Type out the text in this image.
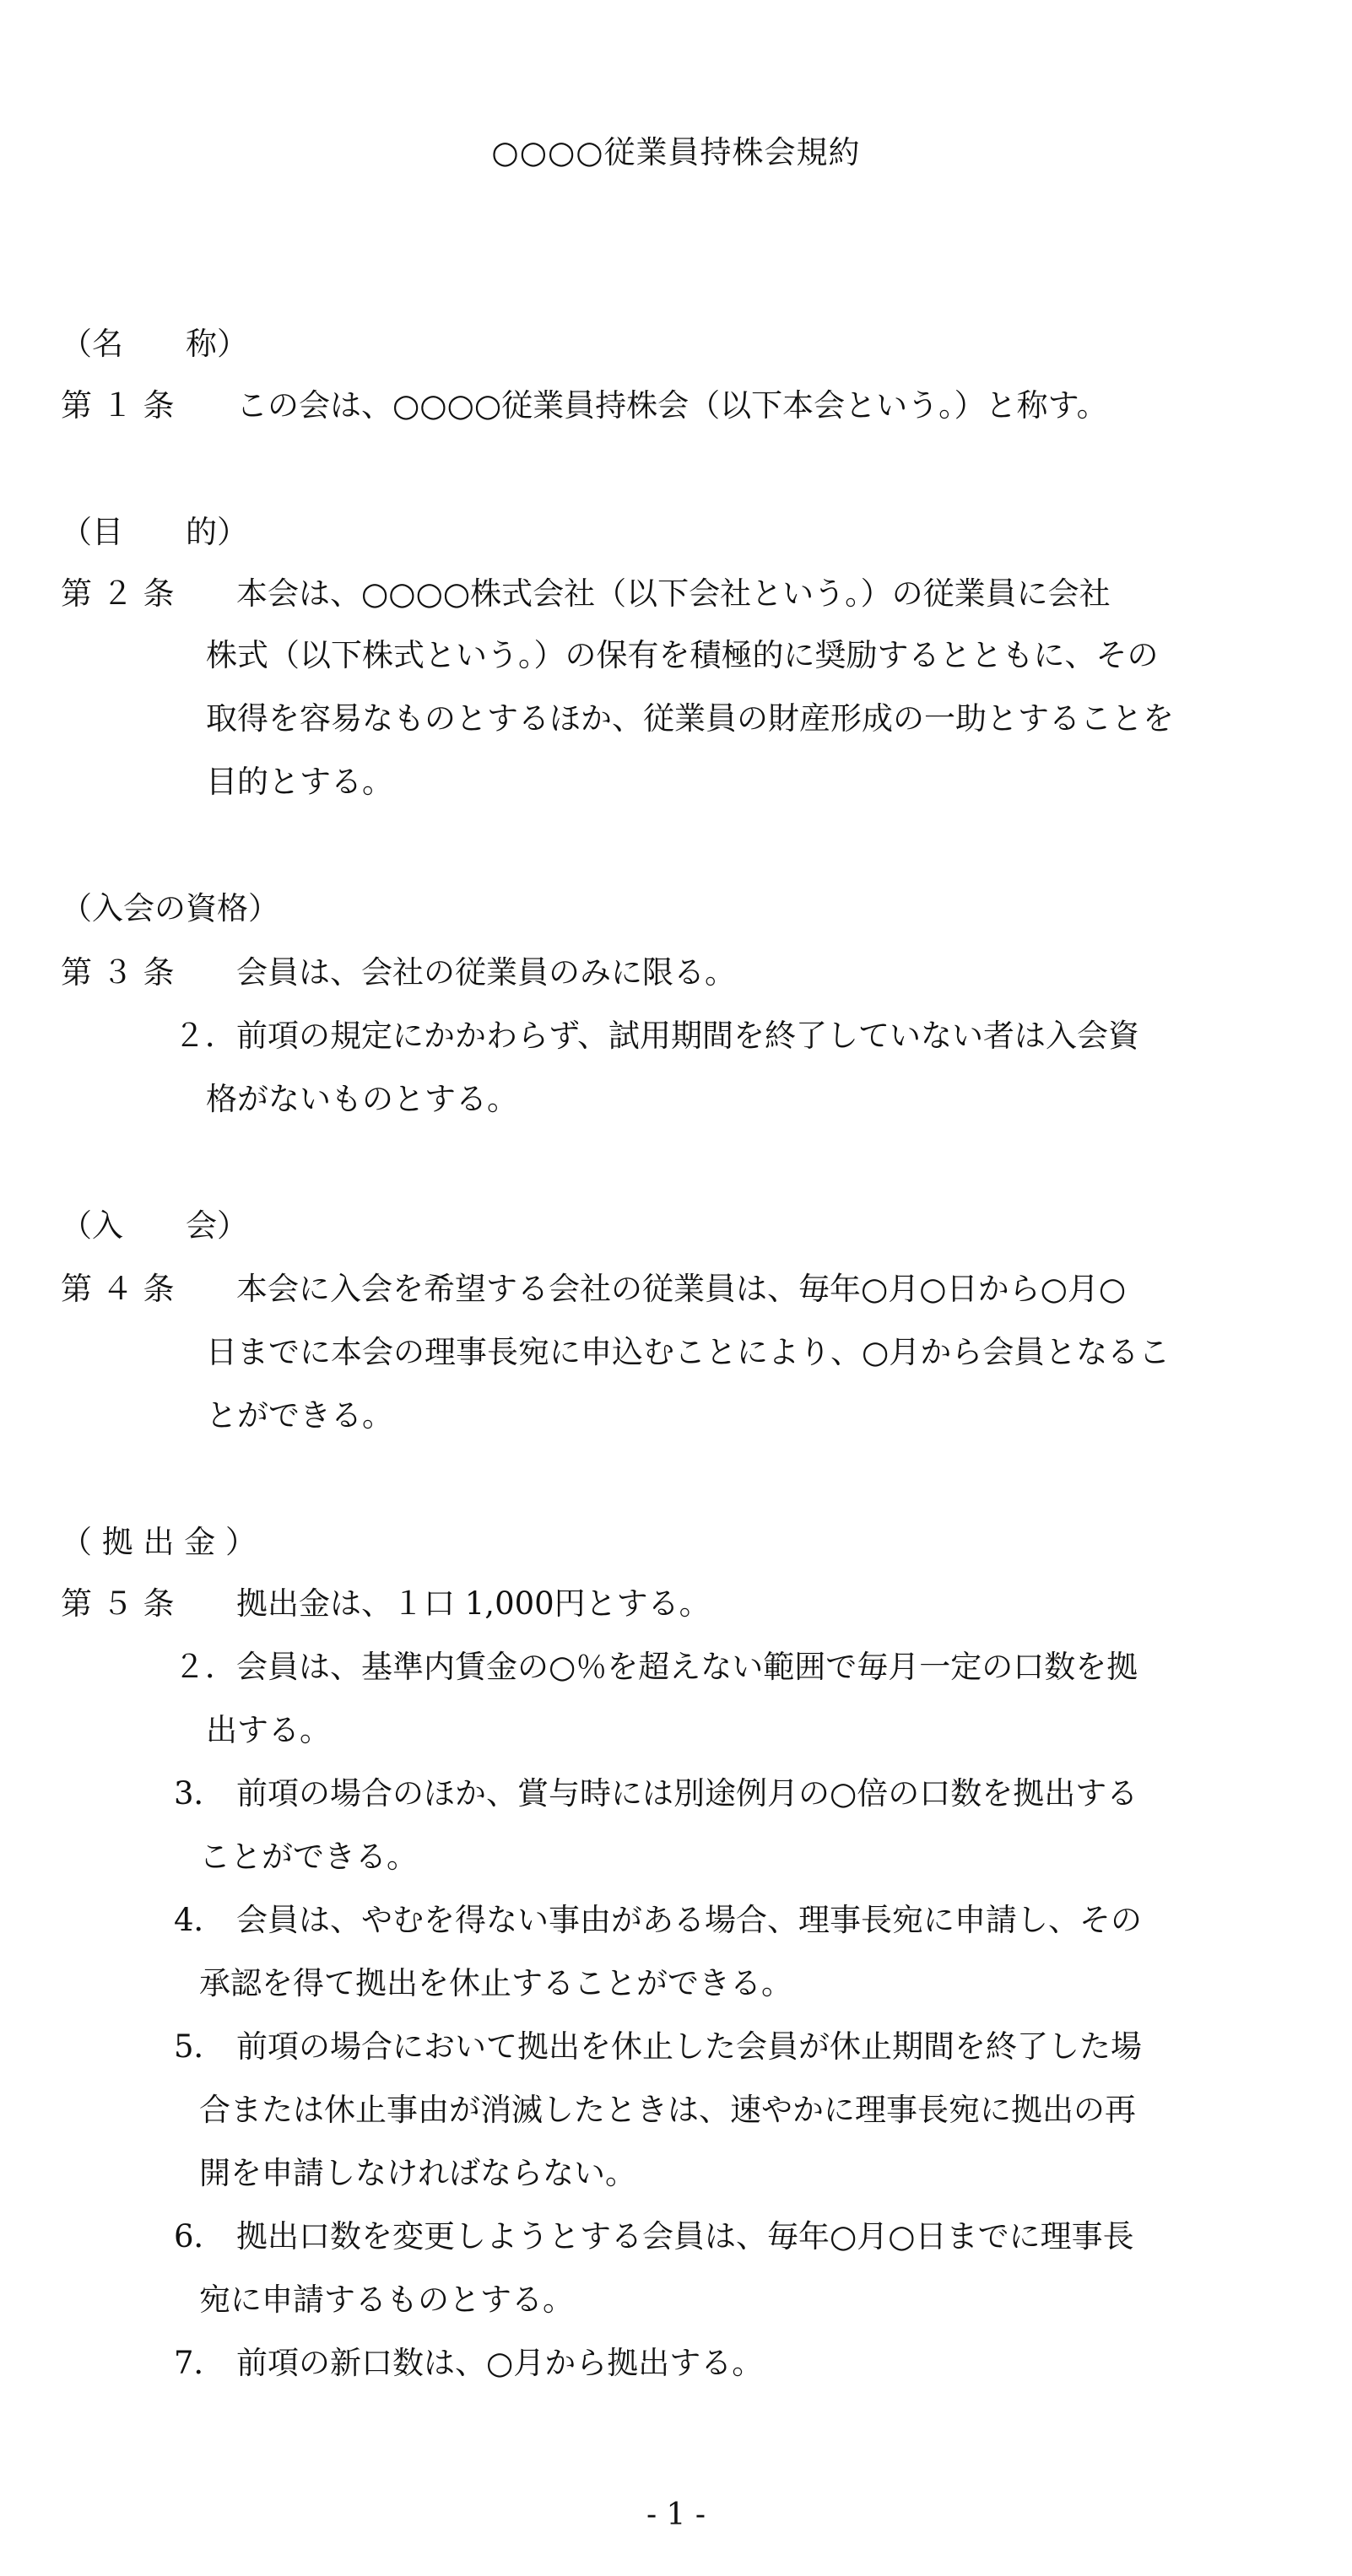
○○○○従業員持株会規約
（名　　称）
第 １ 条 この会は、○○○○従業員持株会（以下本会という。）と称す。
（目　　的）
第 ２ 条 本会は、○○○○株式会社（以下会社という。）の従業員に会社
株式（以下株式という。）の保有を積極的に奨励するとともに、その
取得を容易なものとするほか、従業員の財産形成の一助とすることを
目的とする。
（入会の資格）
第 ３ 条 会員は、会社の従業員のみに限る。
２． 前項の規定にかかわらず、試用期間を終了していない者は入会資
格がないものとする。
（入　　会）
第 ４ 条 本会に入会を希望する会社の従業員は、毎年○月○日から○月○
日までに本会の理事長宛に申込むことにより、○月から会員となるこ
とができる。
（ 拠 出 金 ）
第 ５ 条 拠出金は、１口 1,000円とする。
２． 会員は、基準内賃金の○％を超えない範囲で毎月一定の口数を拠
出する。
3． 前項の場合のほか、賞与時には別途例月の○倍の口数を拠出する
ことができる。
4． 会員は、やむを得ない事由がある場合、理事長宛に申請し、その
承認を得て拠出を休止することができる。
5． 前項の場合において拠出を休止した会員が休止期間を終了した場
合または休止事由が消滅したときは、速やかに理事長宛に拠出の再
開を申請しなければならない。
6． 拠出口数を変更しようとする会員は、毎年○月○日までに理事長
宛に申請するものとする。
7． 前項の新口数は、○月から拠出する。
- 1 -
